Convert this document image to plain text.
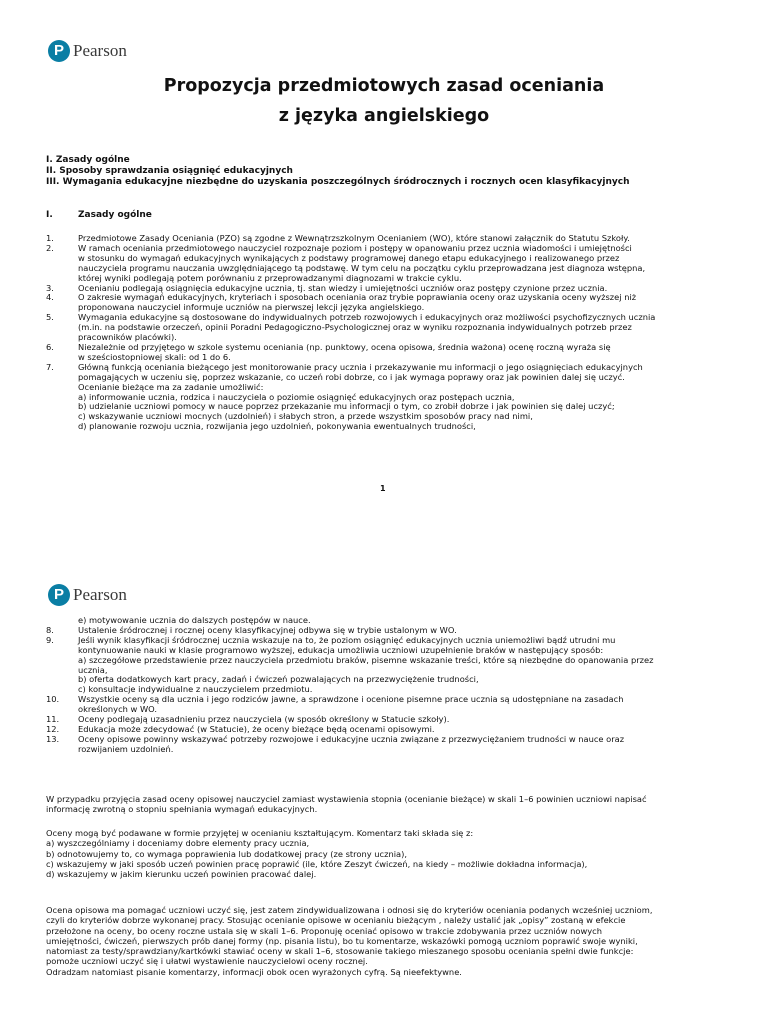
P Pearson
Propozycja przedmiotowych zasad oceniania
z języka angielskiego
I. Zasady ogólne
II. Sposoby sprawdzania osiągnięć edukacyjnych
III. Wymagania edukacyjne niezbędne do uzyskania poszczególnych śródrocznych i rocznych ocen klasyfikacyjnych
I.	Zasady ogólne
1.	Przedmiotowe Zasady Oceniania (PZO) są zgodne z Wewnątrzszkolnym Ocenianiem (WO), które stanowi załącznik do Statutu Szkoły.
2.	W ramach oceniania przedmiotowego nauczyciel rozpoznaje poziom i postępy w opanowaniu przez ucznia wiadomości i umiejętności
w stosunku do wymagań edukacyjnych wynikających z podstawy programowej danego etapu edukacyjnego i realizowanego przez
nauczyciela programu nauczania uwzględniającego tą podstawę. W tym celu na początku cyklu przeprowadzana jest diagnoza wstępna,
której wyniki podlegają potem porównaniu z przeprowadzanymi diagnozami w trakcie cyklu.
3.	Ocenianiu podlegają osiągnięcia edukacyjne ucznia, tj. stan wiedzy i umiejętności uczniów oraz postępy czynione przez ucznia.
4.	O zakresie wymagań edukacyjnych, kryteriach i sposobach oceniania oraz trybie poprawiania oceny oraz uzyskania oceny wyższej niż
proponowana nauczyciel informuje uczniów na pierwszej lekcji języka angielskiego.
5.	Wymagania edukacyjne są dostosowane do indywidualnych potrzeb rozwojowych i edukacyjnych oraz możliwości psychofizycznych ucznia
(m.in. na podstawie orzeczeń, opinii Poradni Pedagogiczno-Psychologicznej oraz w wyniku rozpoznania indywidualnych potrzeb przez
pracowników placówki).
6.	Niezależnie od przyjętego w szkole systemu oceniania (np. punktowy, ocena opisowa, średnia ważona) ocenę roczną wyraża się
w sześciostopniowej skali: od 1 do 6.
7.	Główną funkcją oceniania bieżącego jest monitorowanie pracy ucznia i przekazywanie mu informacji o jego osiągnięciach edukacyjnych
pomagających w uczeniu się, poprzez wskazanie, co uczeń robi dobrze, co i jak wymaga poprawy oraz jak powinien dalej się uczyć.
Ocenianie bieżące ma za zadanie umożliwić:
a) informowanie ucznia, rodzica i nauczyciela o poziomie osiągnięć edukacyjnych oraz postępach ucznia,
b) udzielanie uczniowi pomocy w nauce poprzez przekazanie mu informacji o tym, co zrobił dobrze i jak powinien się dalej uczyć;
c) wskazywanie uczniowi mocnych (uzdolnień) i słabych stron, a przede wszystkim sposobów pracy nad nimi,
d) planowanie rozwoju ucznia, rozwijania jego uzdolnień, pokonywania ewentualnych trudności,
1
P Pearson
e) motywowanie ucznia do dalszych postępów w nauce.
8.	Ustalenie śródrocznej i rocznej oceny klasyfikacyjnej odbywa się w trybie ustalonym w WO.
9.	Jeśli wynik klasyfikacji śródrocznej ucznia wskazuje na to, że poziom osiągnięć edukacyjnych ucznia uniemożliwi bądź utrudni mu
kontynuowanie nauki w klasie programowo wyższej, edukacja umożliwia uczniowi uzupełnienie braków w następujący sposób:
a) szczegółowe przedstawienie przez nauczyciela przedmiotu braków, pisemne wskazanie treści, które są niezbędne do opanowania przez
ucznia,
b) oferta dodatkowych kart pracy, zadań i ćwiczeń pozwalających na przezwyciężenie trudności,
c) konsultacje indywidualne z nauczycielem przedmiotu.
10.	Wszystkie oceny są dla ucznia i jego rodziców jawne, a sprawdzone i ocenione pisemne prace ucznia są udostępniane na zasadach
określonych w WO.
11.	Oceny podlegają uzasadnieniu przez nauczyciela (w sposób określony w Statucie szkoły).
12.	Edukacja może zdecydować (w Statucie), że oceny bieżące będą ocenami opisowymi.
13.	Oceny opisowe powinny wskazywać potrzeby rozwojowe i edukacyjne ucznia związane z przezwyciężaniem trudności w nauce oraz
rozwijaniem uzdolnień.
W przypadku przyjęcia zasad oceny opisowej nauczyciel zamiast wystawienia stopnia (ocenianie bieżące) w skali 1–6 powinien uczniowi napisać
informację zwrotną o stopniu spełniania wymagań edukacyjnych.
Oceny mogą być podawane w formie przyjętej w ocenianiu kształtującym. Komentarz taki składa się z:
a) wyszczególniamy i doceniamy dobre elementy pracy ucznia,
b) odnotowujemy to, co wymaga poprawienia lub dodatkowej pracy (ze strony ucznia),
c) wskazujemy w jaki sposób uczeń powinien pracę poprawić (ile, które Zeszyt ćwiczeń, na kiedy – możliwie dokładna informacja),
d) wskazujemy w jakim kierunku uczeń powinien pracować dalej.
Ocena opisowa ma pomagać uczniowi uczyć się, jest zatem zindywidualizowana i odnosi się do kryteriów oceniania podanych wcześniej uczniom,
czyli do kryteriów dobrze wykonanej pracy. Stosując ocenianie opisowe w ocenianiu bieżącym , należy ustalić jak „opisy” zostaną w efekcie
przełożone na oceny, bo oceny roczne ustala się w skali 1–6. Proponuję oceniać opisowo w trakcie zdobywania przez uczniów nowych
umiejętności, ćwiczeń, pierwszych prób danej formy (np. pisania listu), bo tu komentarze, wskazówki pomogą uczniom poprawić swoje wyniki,
natomiast za testy/sprawdziany/kartkówki stawiać oceny w skali 1–6, stosowanie takiego mieszanego sposobu oceniania spełni dwie funkcje:
pomoże uczniowi uczyć się i ułatwi wystawienie nauczycielowi oceny rocznej.
Odradzam natomiast pisanie komentarzy, informacji obok ocen wyrażonych cyfrą. Są nieefektywne.
